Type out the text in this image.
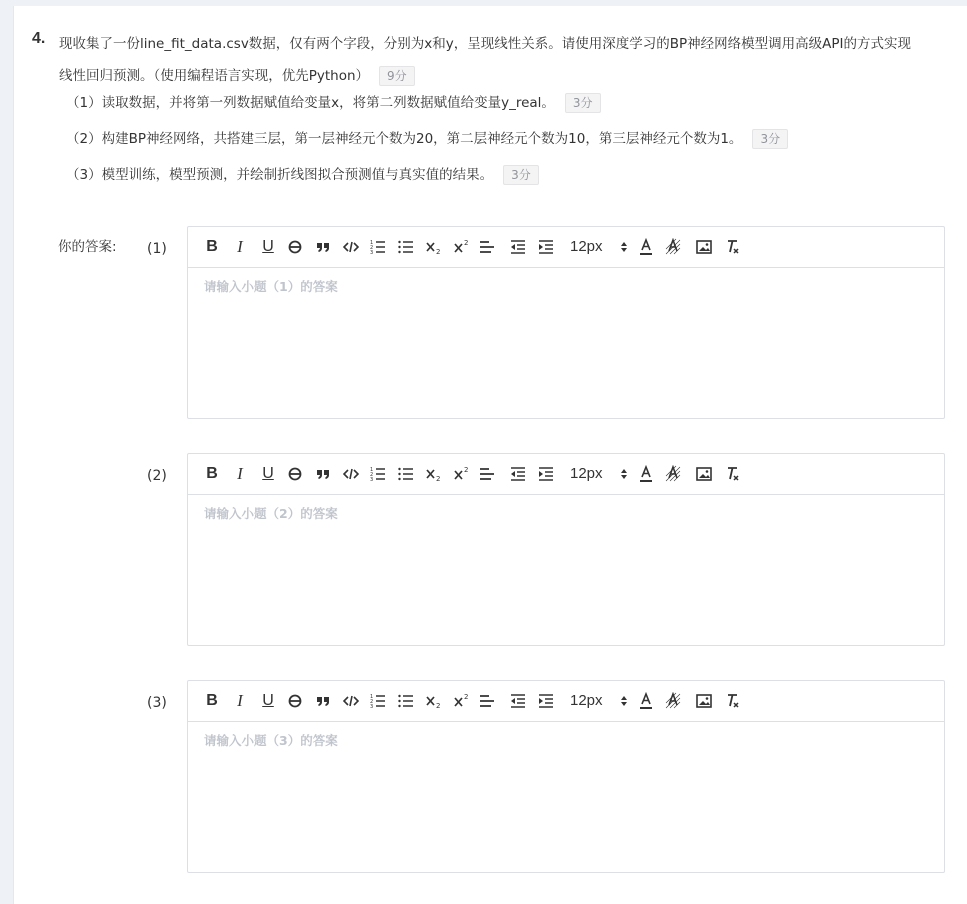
4. 现收集了一份line_fit_data.csv数据，仅有两个字段，分别为x和y，呈现线性关系。请使用深度学习的BP神经网络模型调用高级API的方式实现
线性回归预测。（使用编程语言实现，优先Python） 9分
（1）读取数据，并将第一列数据赋值给变量x，将第二列数据赋值给变量y_real。 3分
（2）构建BP神经网络，共搭建三层，第一层神经元个数为20，第二层神经元个数为10，第三层神经元个数为1。 3分
（3）模型训练，模型预测，并绘制折线图拟合预测值与真实值的结果。 3分
你的答案: (1) B	I	U	1
2
3	2
2	12px
请输入小题（1）的答案
(2) B	I	U	1
2
3	2
2	12px
请输入小题（2）的答案
(3) B	I	U	1
2
3	2
2	12px
请输入小题（3）的答案
